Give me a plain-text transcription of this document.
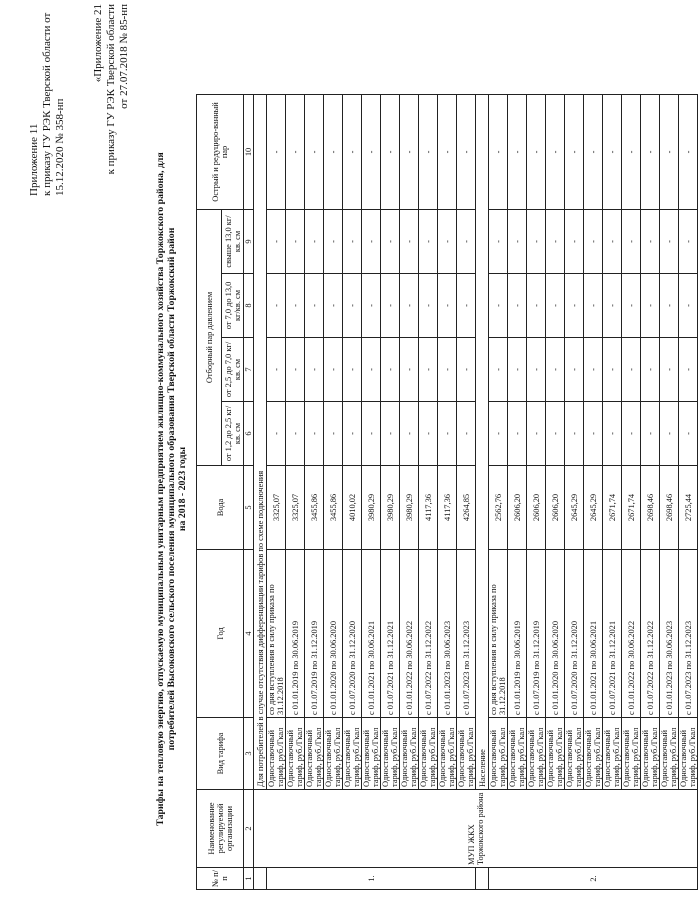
Приложение 11 к приказу ГУ РЭК Тверской области от 15.12.2020 № 358-нп
«Приложение 21 к приказу ГУ РЭК Тверской области от 27.07.2018 № 85-нп
Тарифы на тепловую энергию, отпускаемую муниципальным унитарным предприятием жилищно-коммунального хозяйства Торжокского района, для потребителей Высоковского сельского поселения муниципального образования Тверской области Торжокский район на 2018 - 2023 годы
№ п/ п	Наименование регулируемой организации	Вид тарифа	Год	Вода	Отборный пар давлением				Острый и редуциро-ванный пар
					от 1,2 до 2,5 кг/кв. см	от 2,5 до 7,0 кг/кв. см	от 7,0 до 13,0 кг/кв. см	свыше 13,0 кг/кв. см	
1	2	3	4	5	6	7	8	9	10
	МУП ЖКХ Торжокского района	Для потребителей в случае отсутствия дифференциации тарифов по схеме подключения							
1.		Одноставочный тариф, руб./Гкал	со дня вступления в силу приказа по 31.12.2018	3325,07	-	-	-	-	-
		Одноставочный тариф, руб./Гкал	с 01.01.2019 по 30.06.2019	3325,07	-	-	-	-	-
		Одноставочный тариф, руб./Гкал	с 01.07.2019 по 31.12.2019	3455,86	-	-	-	-	-
		Одноставочный тариф, руб./Гкал	с 01.01.2020 по 30.06.2020	3455,86	-	-	-	-	-
		Одноставочный тариф, руб./Гкал	с 01.07.2020 по 31.12.2020	4010,02	-	-	-	-	-
		Одноставочный тариф, руб./Гкал	с 01.01.2021 по 30.06.2021	3980,29	-	-	-	-	-
		Одноставочный тариф, руб./Гкал	с 01.07.2021 по 31.12.2021	3980,29	-	-	-	-	-
		Одноставочный тариф, руб./Гкал	с 01.01.2022 по 30.06.2022	3980,29	-	-	-	-	-
		Одноставочный тариф, руб./Гкал	с 01.07.2022 по 31.12.2022	4117,36	-	-	-	-	-
		Одноставочный тариф, руб./Гкал	с 01.01.2023 по 30.06.2023	4117,36	-	-	-	-	-
		Одноставочный тариф, руб./Гкал	с 01.07.2023 по 31.12.2023	4264,85	-	-	-	-	-
		Население							
2.		Одноставочный тариф, руб./Гкал	со дня вступления в силу приказа по 31.12.2018	2562,76	-	-	-	-	-
		Одноставочный тариф, руб./Гкал	с 01.01.2019 по 30.06.2019	2606,20	-	-	-	-	-
		Одноставочный тариф, руб./Гкал	с 01.07.2019 по 31.12.2019	2606,20	-	-	-	-	-
		Одноставочный тариф, руб./Гкал	с 01.01.2020 по 30.06.2020	2606,20	-	-	-	-	-
		Одноставочный тариф, руб./Гкал	с 01.07.2020 по 31.12.2020	2645,29	-	-	-	-	-
		Одноставочный тариф, руб./Гкал	с 01.01.2021 по 30.06.2021	2645,29	-	-	-	-	-
		Одноставочный тариф, руб./Гкал	с 01.07.2021 по 31.12.2021	2671,74	-	-	-	-	-
		Одноставочный тариф, руб./Гкал	с 01.01.2022 по 30.06.2022	2671,74	-	-	-	-	-
		Одноставочный тариф, руб./Гкал	с 01.07.2022 по 31.12.2022	2698,46	-	-	-	-	-
		Одноставочный тариф, руб./Гкал	с 01.01.2023 по 30.06.2023	2698,46	-	-	-	-	-
		Одноставочный тариф, руб./Гкал	с 01.07.2023 по 31.12.2023	2725,44	-	-	-	-	-
